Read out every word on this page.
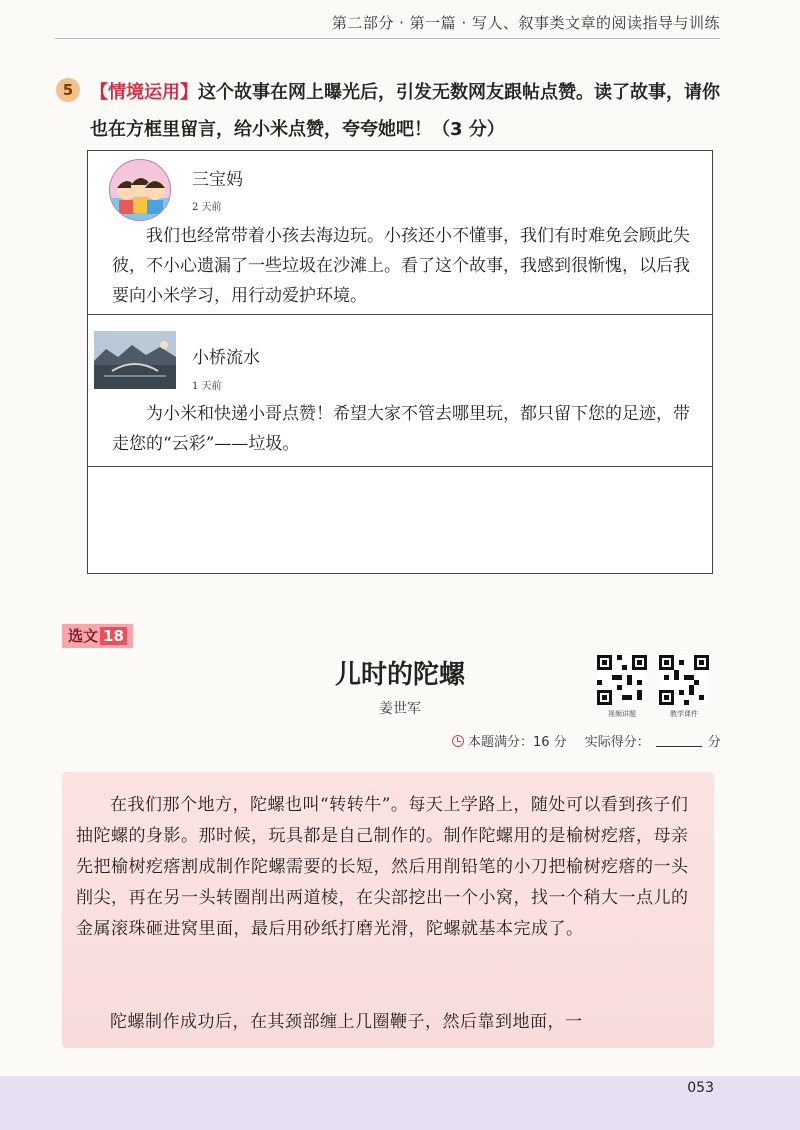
第二部分 · 第一篇 · 写人、叙事类文章的阅读指导与训练
5 【情境运用】这个故事在网上曝光后，引发无数网友跟帖点赞。读了故事，请你也在方框里留言，给小米点赞，夸夸她吧！（3 分）
三宝妈
2 天前
我们也经常带着小孩去海边玩。小孩还小不懂事，我们有时难免会顾此失彼，不小心遗漏了一些垃圾在沙滩上。看了这个故事，我感到很惭愧，以后我要向小米学习，用行动爱护环境。
小桥流水
1 天前
为小米和快递小哥点赞！希望大家不管去哪里玩，都只留下您的足迹，带走您的“云彩”——垃圾。
选文 18
儿时的陀螺
姜世军	视频讲题	教学课件
本题满分：16 分 实际得分：	分
在我们那个地方，陀螺也叫“转转牛”。每天上学路上，随处可以看到孩子们抽陀螺的身影。那时候，玩具都是自己制作的。制作陀螺用的是榆树疙瘩，母亲先把榆树疙瘩割成制作陀螺需要的长短，然后用削铅笔的小刀把榆树疙瘩的一头削尖，再在另一头转圈削出两道棱，在尖部挖出一个小窝，找一个稍大一点儿的金属滚珠砸进窝里面，最后用砂纸打磨光滑，陀螺就基本完成了。
陀螺制作成功后，在其颈部缠上几圈鞭子，然后靠到地面，一
053
